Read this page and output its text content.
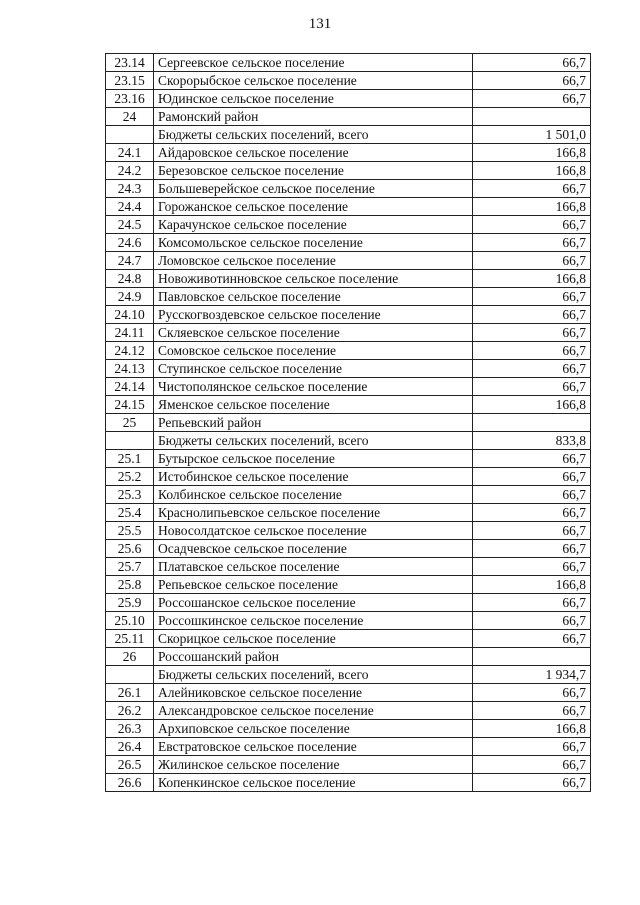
131
23.14	Сергеевское сельское поселение	66,7
23.15	Скорорыбское сельское поселение	66,7
23.16	Юдинское сельское поселение	66,7
24	Рамонский район	
	Бюджеты сельских поселений, всего	1 501,0
24.1	Айдаровское сельское поселение	166,8
24.2	Березовское сельское поселение	166,8
24.3	Большеверейское сельское поселение	66,7
24.4	Горожанское сельское поселение	166,8
24.5	Карачунское сельское поселение	66,7
24.6	Комсомольское сельское поселение	66,7
24.7	Ломовское сельское поселение	66,7
24.8	Новоживотинновское сельское поселение	166,8
24.9	Павловское сельское поселение	66,7
24.10	Русскогвоздевское сельское поселение	66,7
24.11	Скляевское сельское поселение	66,7
24.12	Сомовское сельское поселение	66,7
24.13	Ступинское сельское поселение	66,7
24.14	Чистополянское сельское поселение	66,7
24.15	Яменское сельское поселение	166,8
25	Репьевский район	
	Бюджеты сельских поселений, всего	833,8
25.1	Бутырское сельское поселение	66,7
25.2	Истобинское сельское поселение	66,7
25.3	Колбинское сельское поселение	66,7
25.4	Краснолипьевское сельское поселение	66,7
25.5	Новосолдатское сельское поселение	66,7
25.6	Осадчевское сельское поселение	66,7
25.7	Платавское сельское поселение	66,7
25.8	Репьевское сельское поселение	166,8
25.9	Россошанское сельское поселение	66,7
25.10	Россошкинское сельское поселение	66,7
25.11	Скорицкое сельское поселение	66,7
26	Россошанский район	
	Бюджеты сельских поселений, всего	1 934,7
26.1	Алейниковское сельское поселение	66,7
26.2	Александровское сельское поселение	66,7
26.3	Архиповское сельское поселение	166,8
26.4	Евстратовское сельское поселение	66,7
26.5	Жилинское сельское поселение	66,7
26.6	Копенкинское сельское поселение	66,7
